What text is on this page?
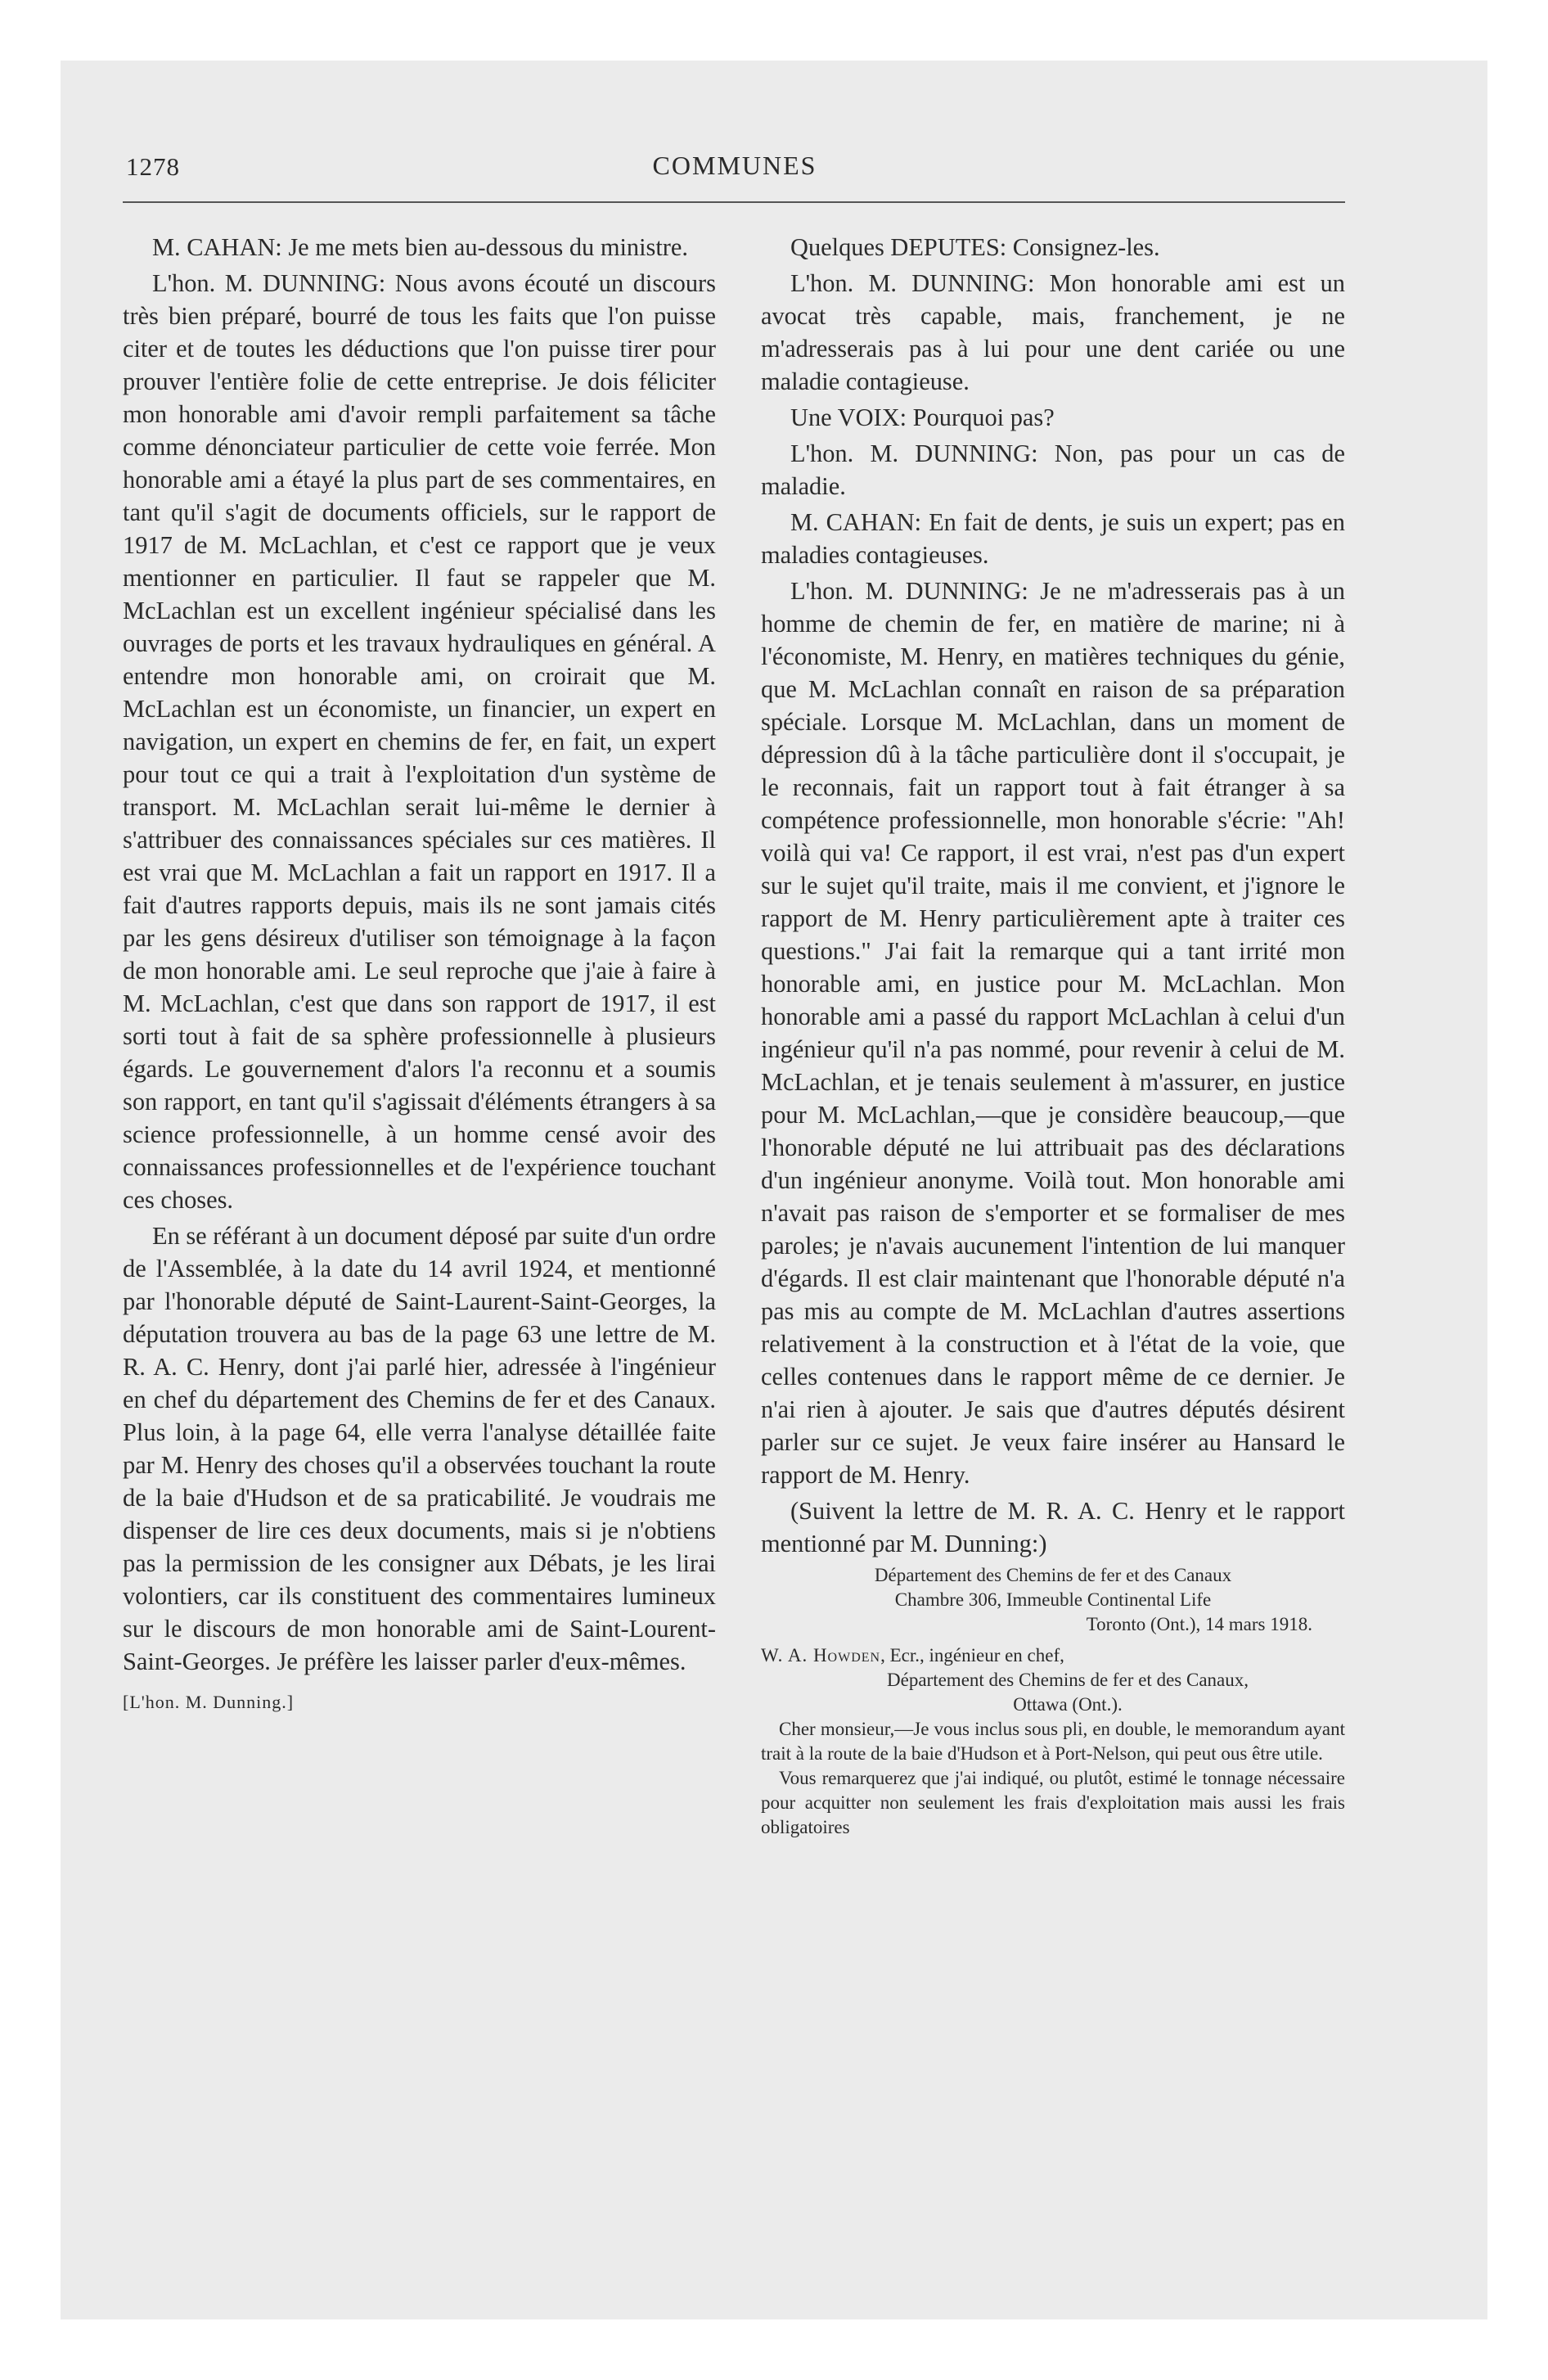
1278	COMMUNES

M. CAHAN: Je me mets bien au-dessous du ministre.

L'hon. M. DUNNING: Nous avons écouté un discours très bien préparé, bourré de tous les faits que l'on puisse citer et de toutes les déductions que l'on puisse tirer pour prouver l'entière folie de cette entreprise. Je dois féliciter mon honorable ami d'avoir rempli parfaitement sa tâche comme dénonciateur particulier de cette voie ferrée. Mon honorable ami a étayé la plus part de ses commentaires, en tant qu'il s'agit de documents officiels, sur le rapport de 1917 de M. McLachlan, et c'est ce rapport que je veux mentionner en particulier. Il faut se rappeler que M. McLachlan est un excellent ingénieur spécialisé dans les ouvrages de ports et les travaux hydrauliques en général. A entendre mon honorable ami, on croirait que M. McLachlan est un économiste, un financier, un expert en navigation, un expert en chemins de fer, en fait, un expert pour tout ce qui a trait à l'exploitation d'un système de transport. M. McLachlan serait lui-même le dernier à s'attribuer des connaissances spéciales sur ces matières. Il est vrai que M. McLachlan a fait un rapport en 1917. Il a fait d'autres rapports depuis, mais ils ne sont jamais cités par les gens désireux d'utiliser son témoignage à la façon de mon honorable ami. Le seul reproche que j'aie à faire à M. McLachlan, c'est que dans son rapport de 1917, il est sorti tout à fait de sa sphère professionnelle à plusieurs égards. Le gouvernement d'alors l'a reconnu et a soumis son rapport, en tant qu'il s'agissait d'éléments étrangers à sa science professionnelle, à un homme censé avoir des connaissances professionnelles et de l'expérience touchant ces choses.

En se référant à un document déposé par suite d'un ordre de l'Assemblée, à la date du 14 avril 1924, et mentionné par l'honorable député de Saint-Laurent-Saint-Georges, la députation trouvera au bas de la page 63 une lettre de M. R. A. C. Henry, dont j'ai parlé hier, adressée à l'ingénieur en chef du département des Chemins de fer et des Canaux. Plus loin, à la page 64, elle verra l'analyse détaillée faite par M. Henry des choses qu'il a observées touchant la route de la baie d'Hudson et de sa praticabilité. Je voudrais me dispenser de lire ces deux documents, mais si je n'obtiens pas la permission de les consigner aux Débats, je les lirai volontiers, car ils constituent des commentaires lumineux sur le discours de mon honorable ami de Saint-Lourent-Saint-Georges. Je préfère les laisser parler d'eux-mêmes.

[L'hon. M. Dunning.]

Quelques DEPUTES: Consignez-les.

L'hon. M. DUNNING: Mon honorable ami est un avocat très capable, mais, franchement, je ne m'adresserais pas à lui pour une dent cariée ou une maladie contagieuse.

Une VOIX: Pourquoi pas?

L'hon. M. DUNNING: Non, pas pour un cas de maladie.

M. CAHAN: En fait de dents, je suis un expert; pas en maladies contagieuses.

L'hon. M. DUNNING: Je ne m'adresserais pas à un homme de chemin de fer, en matière de marine; ni à l'économiste, M. Henry, en matières techniques du génie, que M. McLachlan connaît en raison de sa préparation spéciale. Lorsque M. McLachlan, dans un moment de dépression dû à la tâche particulière dont il s'occupait, je le reconnais, fait un rapport tout à fait étranger à sa compétence professionnelle, mon honorable s'écrie: "Ah! voilà qui va! Ce rapport, il est vrai, n'est pas d'un expert sur le sujet qu'il traite, mais il me convient, et j'ignore le rapport de M. Henry particulièrement apte à traiter ces questions." J'ai fait la remarque qui a tant irrité mon honorable ami, en justice pour M. McLachlan. Mon honorable ami a passé du rapport McLachlan à celui d'un ingénieur qu'il n'a pas nommé, pour revenir à celui de M. McLachlan, et je tenais seulement à m'assurer, en justice pour M. McLachlan,—que je considère beaucoup,—que l'honorable député ne lui attribuait pas des déclarations d'un ingénieur anonyme. Voilà tout. Mon honorable ami n'avait pas raison de s'emporter et se formaliser de mes paroles; je n'avais aucunement l'intention de lui manquer d'égards. Il est clair maintenant que l'honorable député n'a pas mis au compte de M. McLachlan d'autres assertions relativement à la construction et à l'état de la voie, que celles contenues dans le rapport même de ce dernier. Je n'ai rien à ajouter. Je sais que d'autres députés désirent parler sur ce sujet. Je veux faire insérer au Hansard le rapport de M. Henry.

(Suivent la lettre de M. R. A. C. Henry et le rapport mentionné par M. Dunning:)

Département des Chemins de fer et des Canaux

Chambre 306, Immeuble Continental Life

Toronto (Ont.), 14 mars 1918.

W. A. Howden, Ecr., ingénieur en chef,

Département des Chemins de fer et des Canaux,

Ottawa (Ont.).

Cher monsieur,—Je vous inclus sous pli, en double, le memorandum ayant trait à la route de la baie d'Hudson et à Port-Nelson, qui peut ous être utile.

Vous remarquerez que j'ai indiqué, ou plutôt, estimé le tonnage nécessaire pour acquitter non seulement les frais d'exploitation mais aussi les frais obligatoires
